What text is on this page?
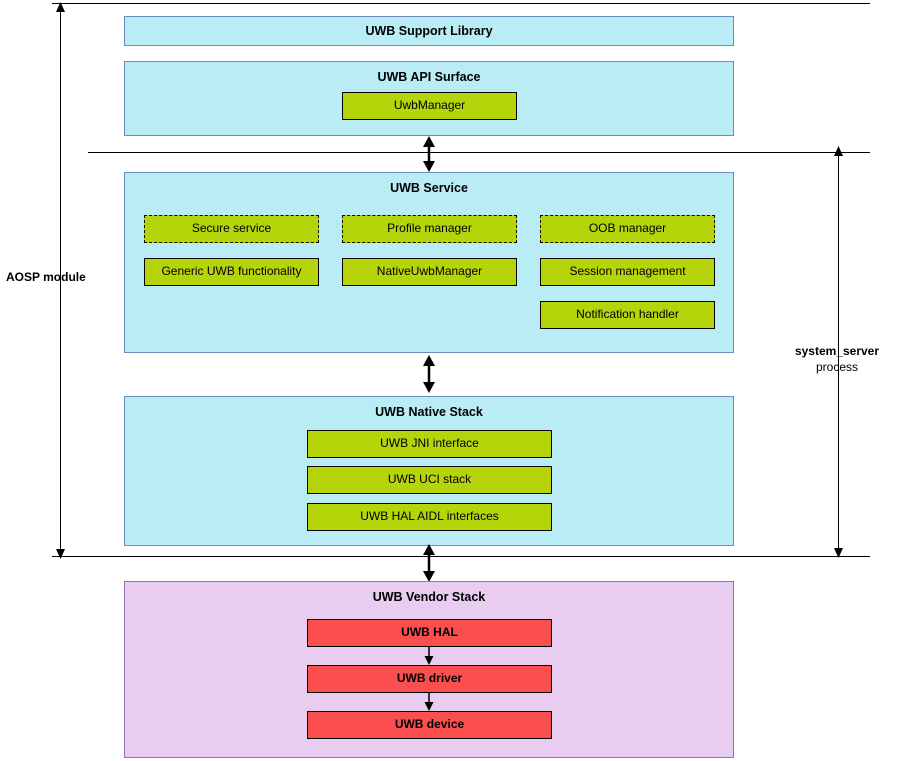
AOSP module
system_server
process
UWB Support Library
UWB API Surface
UwbManager
UWB Service
Secure service	Profile manager	OOB manager
Generic UWB functionality	NativeUwbManager	Session management
Notification handler
UWB Native Stack
UWB JNI interface
UWB UCI stack
UWB HAL AIDL interfaces
UWB Vendor Stack
UWB HAL
UWB driver
UWB device
